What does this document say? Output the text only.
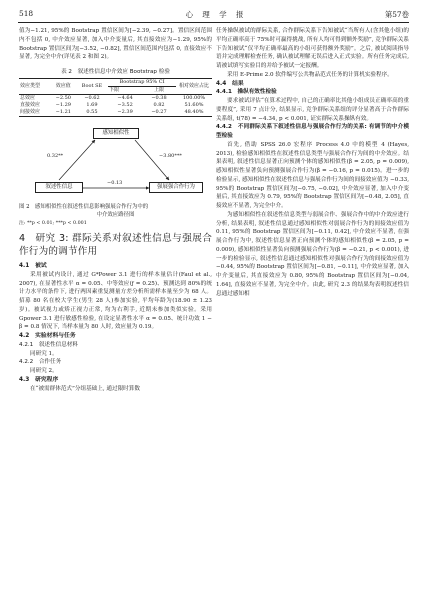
518	心　理　学　报	第57卷

值为−1.21, 95%的 Bootstrap 置信区间为[−2.39, −0.27]。置信区间范围内不包括 0, 中介效应显著, 加入中介变量后, 其直接效应为−1.29, 95%的 Bootstrap 置信区间为[−3.52, −0.82], 置信区间范围内包括 0, 直接效应不显著, 为完全中介(详见表 2 和图 2)。

表 2　叙述性信息中介效应 Bootstrap 检验
效应类型	效应值	Boot SE	Bootstrap 95% CI		相对效应占比
			下限	上限	
总效应	−2.50	−0.62	−4.64	−0.38	100.00%
直接效应	−1.29	1.69	−3.52	0.82	51.60%
间接效应	−1.21	0.55	−2.39	−0.27	48.40%
感知相似性
叙述性信息	强展强合作行为
0.32**	−3.80***
−0.13
图 2　感知相似性在叙述性信息影响强展合作行为中的
中介效应路径图
注: **p < 0.01; ***p < 0.001
4　研究 3: 群际关系对叙述性信息与强展合作行为的调节作用
4.1　被试

采用被试内设计, 通过 G*Power 3.1 进行的样本量估计(Faul et al., 2007), 在显著性水平 α = 0.05、中等效应(ƒ = 0.25)、预测达到 80%的统计力水平的条件下, 进行两因素重复测量方差分析所需样本量至少为 68 人。招募 80 名在校大学生(男生 28 人)参加实验, 平均年龄为(18.90 ± 1.23 岁)。被试视力或矫正视力正常, 均为右利手, 近期未参加类似实验。采用 Gpower 3.1 进行敏感性检验, 在设定显著性水平 α = 0.05、统计功效 1 − β = 0.8 情况下, 当样本量为 80 人时, 效应量为 0.19。

4.2　实验材料与任务
4.2.1　叙述性信息材料

同研究 1。

4.2.2　合作任务

同研究 2。

4.3　研究程序

在“被需群体范式”分组基础上, 通过限时算数

任务操纵被试的群际关系, 合作群际关系下告知被试“当所有人(含其他小组)的平均正确率高于 75%时可赢得挑战, 所有人均可得到额外奖励”, 竞争群际关系下告知被试“仅平均正确率最高的小组可获得额外奖励”。之后, 被试阅读指导语并完成理解检查任务, 确认被试理解无误后进入正式实验。所有任务完成后, 请被试填写实验目的并给予被试一定报酬。

采用 E-Prime 2.0 软件编写公共物品范式任务的计算机实验程序。

4.4　结果
4.4.1　操纵有效性检验

要求被试评估“在算术过程中, 自己的正确率比其他小组成员正确率高的重要程度”, 采用 7 点计分, 结果显示, 竞争群际关系组的评分显著高于合作群际关系组, t(78) = −4.34, p < 0.001, 证实群际关系操纵有效。

4.4.2　不同群际关系下叙述性信息与强展合作行为的关系: 有调节的中介模型检验

首先, 借助 SPSS 26.0 宏程序 Process 4.0 中的模型 4 (Hayes, 2013), 检验感知相似性在叙述性信息类型与强展合作行为间的中介效应。结果表明, 叙述性信息显著正向预测个体的感知相似性(β = 2.05, p = 0.009), 感知相似性显著负向预测强展合作行为(β = −0.16, p = 0.015)。进一步的检验显示, 感知相似性在叙述性信息与强展合作行为间的间接效应值为 −0.33, 95%的 Bootstrap 置信区间为[−0.75, −0.02], 中介效应显著, 加入中介变量后, 其直接效应为 0.79, 95%的 Bootstrap 置信区间为[−0.48, 2.05], 直接效应不显著, 为完全中介。

为感知相似性在叙述性信息类型与弱展合作、强展合作中的中介效应进行分析, 结果表明, 叙述性信息通过感知相似性对弱展合作行为的间接效应值为 0.11, 95%的 Bootstrap 置信区间为[−0.11, 0.42], 中介效应不显著, 在强展合作行为中, 叙述性信息显著正向预测个体的感知相似性(β = 2.05, p = 0.009), 感知相似性显著负向预测强展合作行为(β = −0.21, p < 0.001), 进一步的检验显示, 叙述性信息通过感知相似性对强展合作行为的间接效应值为 −0.44, 95%的 Bootstrap 置信区间为[−0.81, −0.11], 中介效应显著, 加入中介变量后, 其直接效应为 0.80, 95%的 Bootstrap 置信区间为[−0.04, 1.64], 直接效应不显著, 为完全中介。由此, 研究 2.3 的结果均表明叙述性信息通过感知相
